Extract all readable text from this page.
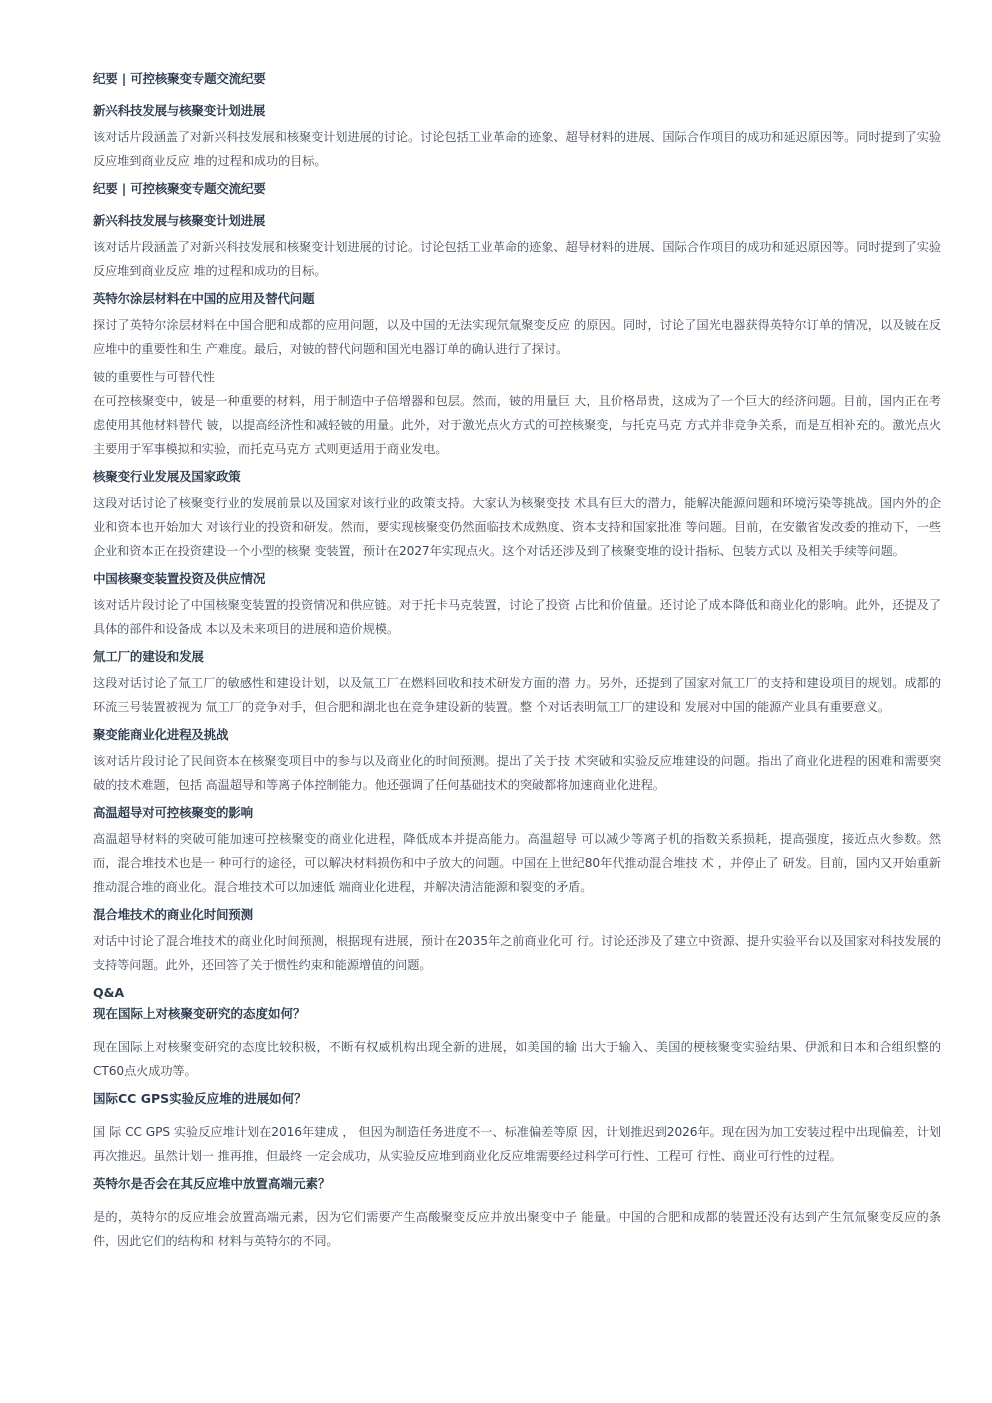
纪要 | 可控核聚变专题交流纪要
新兴科技发展与核聚变计划进展
该对话片段涵盖了对新兴科技发展和核聚变计划进展的讨论。讨论包括工业革命的迹象、超导材料的进展、国际合作项目的成功和延迟原因等。同时提到了实验反应堆到商业反应 堆的过程和成功的目标。
纪要 | 可控核聚变专题交流纪要
新兴科技发展与核聚变计划进展
该对话片段涵盖了对新兴科技发展和核聚变计划进展的讨论。讨论包括工业革命的迹象、超导材料的进展、国际合作项目的成功和延迟原因等。同时提到了实验反应堆到商业反应 堆的过程和成功的目标。
英特尔涂层材料在中国的应用及替代问题
探讨了英特尔涂层材料在中国合肥和成都的应用问题，以及中国的无法实现氘氚聚变反应 的原因。同时，讨论了国光电器获得英特尔订单的情况，以及铍在反应堆中的重要性和生 产难度。最后，对铍的替代问题和国光电器订单的确认进行了探讨。
铍的重要性与可替代性
在可控核聚变中，铍是一种重要的材料，用于制造中子倍增器和包层。然而，铍的用量巨 大，且价格昂贵，这成为了一个巨大的经济问题。目前，国内正在考虑使用其他材料替代 铍，以提高经济性和减轻铍的用量。此外，对于激光点火方式的可控核聚变，与托克马克 方式并非竞争关系，而是互相补充的。激光点火主要用于军事模拟和实验，而托克马克方 式则更适用于商业发电。
核聚变行业发展及国家政策
这段对话讨论了核聚变行业的发展前景以及国家对该行业的政策支持。大家认为核聚变技 术具有巨大的潜力，能解决能源问题和环境污染等挑战。国内外的企业和资本也开始加大 对该行业的投资和研发。然而，要实现核聚变仍然面临技术成熟度、资本支持和国家批准 等问题。目前，在安徽省发改委的推动下，一些企业和资本正在投资建设一个小型的核聚 变装置，预计在2027年实现点火。这个对话还涉及到了核聚变堆的设计指标、包装方式以 及相关手续等问题。
中国核聚变装置投资及供应情况
该对话片段讨论了中国核聚变装置的投资情况和供应链。对于托卡马克装置，讨论了投资 占比和价值量。还讨论了成本降低和商业化的影响。此外，还提及了具体的部件和设备成 本以及未来项目的进展和造价规模。
氚工厂的建设和发展
这段对话讨论了氚工厂的敏感性和建设计划，以及氚工厂在燃料回收和技术研发方面的潜 力。另外，还提到了国家对氚工厂的支持和建设项目的规划。成都的环流三号装置被视为 氚工厂的竞争对手，但合肥和湖北也在竞争建设新的装置。整 个对话表明氚工厂的建设和 发展对中国的能源产业具有重要意义。
聚变能商业化进程及挑战
该对话片段讨论了民间资本在核聚变项目中的参与以及商业化的时间预测。提出了关于技 术突破和实验反应堆建设的问题。指出了商业化进程的困难和需要突破的技术难题，包括 高温超导和等离子体控制能力。他还强调了任何基础技术的突破都将加速商业化进程。
高温超导对可控核聚变的影响
高温超导材料的突破可能加速可控核聚变的商业化进程，降低成本并提高能力。高温超导 可以减少等离子机的指数关系损耗，提高强度，接近点火参数。然而，混合堆技术也是一 种可行的途径，可以解决材料损伤和中子放大的问题。中国在上世纪80年代推动混合堆技 术 ，并停止了 研发。目前，国内又开始重新推动混合堆的商业化。混合堆技术可以加速低 端商业化进程，并解决清洁能源和裂变的矛盾。
混合堆技术的商业化时间预测
对话中讨论了混合堆技术的商业化时间预测，根据现有进展，预计在2035年之前商业化可 行。讨论还涉及了建立中资源、提升实验平台以及国家对科技发展的支持等问题。此外，还回答了关于惯性约束和能源增值的问题。
Q&A
现在国际上对核聚变研究的态度如何？
现在国际上对核聚变研究的态度比较积极，不断有权威机构出现全新的进展，如美国的输 出大于输入、美国的梗核聚变实验结果、伊派和日本和合组织整的CT60点火成功等。
国际CC GPS实验反应堆的进展如何？
国 际 CC GPS 实验反应堆计划在2016年建成 ， 但因为制造任务进度不一、标准偏差等原 因，计划推迟到2026年。现在因为加工安装过程中出现偏差，计划再次推迟。虽然计划一 推再推，但最终 一定会成功，从实验反应堆到商业化反应堆需要经过科学可行性、工程可 行性、商业可行性的过程。
英特尔是否会在其反应堆中放置高端元素？
是的，英特尔的反应堆会放置高端元素，因为它们需要产生高酸聚变反应并放出聚变中子 能量。中国的合肥和成都的装置还没有达到产生氘氚聚变反应的条件，因此它们的结构和 材料与英特尔的不同。
